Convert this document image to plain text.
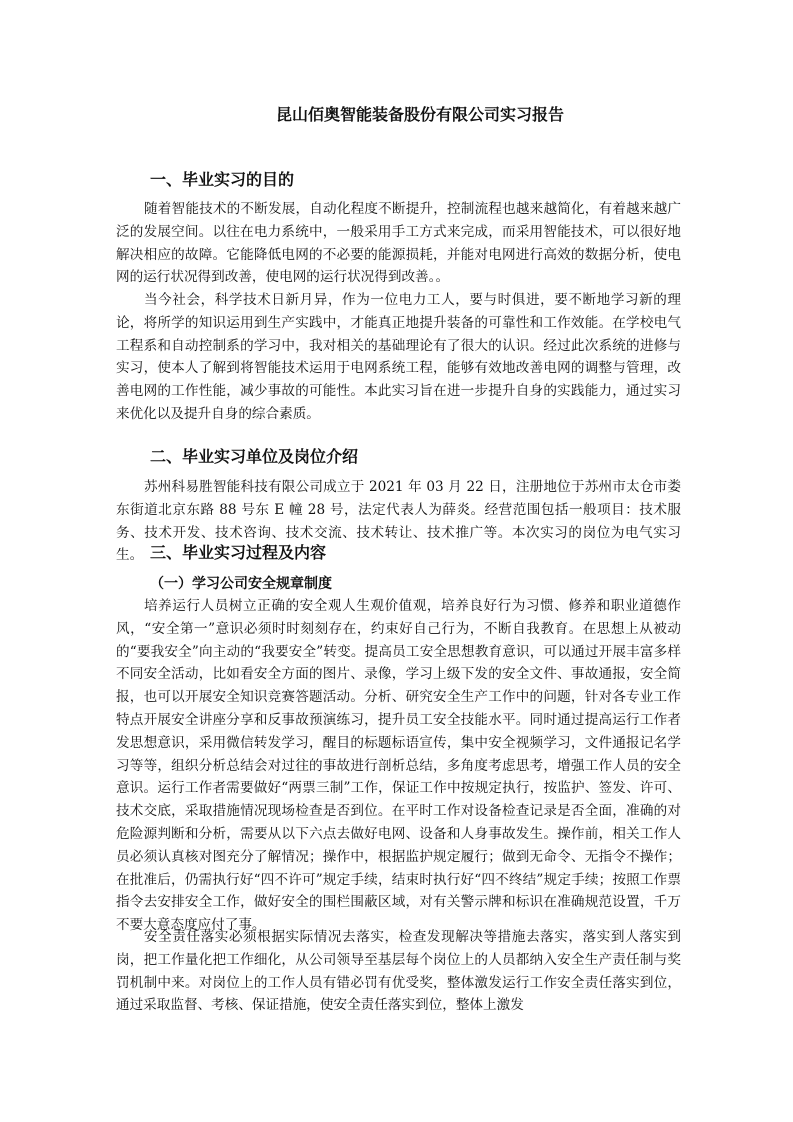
昆山佰奥智能装备股份有限公司实习报告
一、毕业实习的目的

随着智能技术的不断发展，自动化程度不断提升，控制流程也越来越简化，有着越来越广泛的发展空间。以往在电力系统中，一般采用手工方式来完成，而采用智能技术，可以很好地解决相应的故障。它能降低电网的不必要的能源损耗，并能对电网进行高效的数据分析，使电网的运行状况得到改善，使电网的运行状况得到改善。。

当今社会，科学技术日新月异，作为一位电力工人，要与时俱进，要不断地学习新的理论，将所学的知识运用到生产实践中，才能真正地提升装备的可靠性和工作效能。在学校电气工程系和自动控制系的学习中，我对相关的基础理论有了很大的认识。经过此次系统的进修与实习，使本人了解到将智能技术运用于电网系统工程，能够有效地改善电网的调整与管理，改善电网的工作性能，减少事故的可能性。本此实习旨在进一步提升自身的实践能力，通过实习来优化以及提升自身的综合素质。

二、毕业实习单位及岗位介绍

苏州科易胜智能科技有限公司成立于 2021 年 03 月 22 日，注册地位于苏州市太仓市娄东街道北京东路 88 号东 E 幢 28 号，法定代表人为薛炎。经营范围包括一般项目：技术服务、技术开发、技术咨询、技术交流、技术转让、技术推广等。本次实习的岗位为电气实习生。 三、毕业实习过程及内容
（一）学习公司安全规章制度

培养运行人员树立正确的安全观人生观价值观，培养良好行为习惯、修养和职业道德作风，“安全第一”意识必须时时刻刻存在，约束好自己行为，不断自我教育。在思想上从被动的“要我安全”向主动的“我要安全”转变。提高员工安全思想教育意识，可以通过开展丰富多样不同安全活动，比如看安全方面的图片、录像，学习上级下发的安全文件、事故通报，安全简报，也可以开展安全知识竞赛答题活动。分析、研究安全生产工作中的问题，针对各专业工作特点开展安全讲座分享和反事故预演练习，提升员工安全技能水平。同时通过提高运行工作者发思想意识，采用微信转发学习，醒目的标题标语宣传，集中安全视频学习，文件通报记名学习等等，组织分析总结会对过往的事故进行剖析总结，多角度考虑思考，增强工作人员的安全意识。运行工作者需要做好“两票三制”工作，保证工作中按规定执行，按监护、签发、许可、技术交底，采取措施情况现场检查是否到位。在平时工作对设备检查记录是否全面，准确的对危险源判断和分析，需要从以下六点去做好电网、设备和人身事故发生。操作前，相关工作人员必须认真核对图充分了解情况；操作中，根据监护规定履行；做到无命令、无指令不操作；在批准后，仍需执行好“四不许可”规定手续，结束时执行好“四不终结”规定手续；按照工作票指令去安排安全工作，做好安全的围栏围蔽区域，对有关警示牌和标识在准确规范设置，千万不要大意态度应付了事。

安全责任落实必须根据实际情况去落实，检查发现解决等措施去落实，落实到人落实到岗，把工作量化把工作细化，从公司领导至基层每个岗位上的人员都纳入安全生产责任制与奖罚机制中来。对岗位上的工作人员有错必罚有优受奖，整体激发运行工作安全责任落实到位，通过采取监督、考核、保证措施，使安全责任落实到位，整体上激发
